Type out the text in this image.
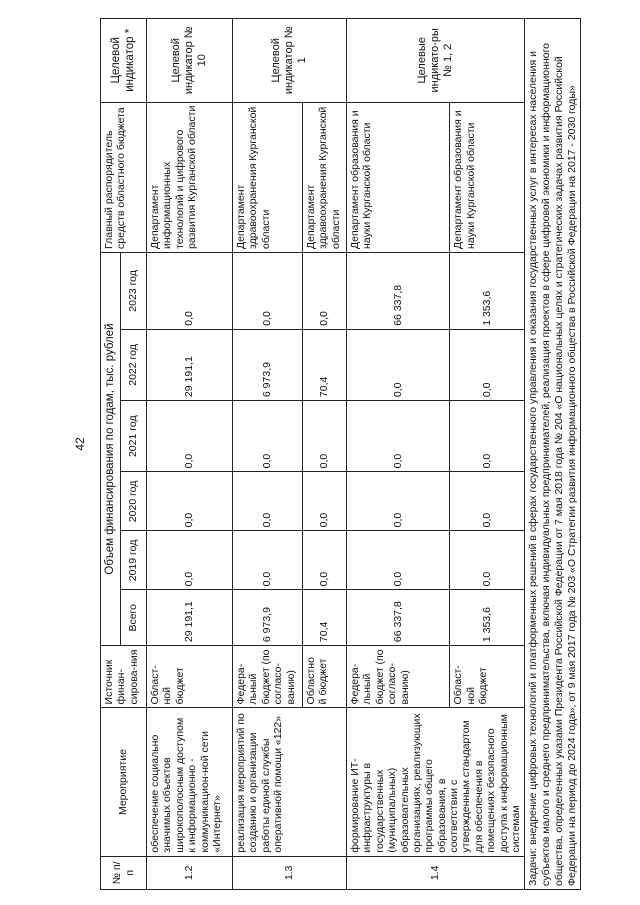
42
№ п/п	Мероприятие	Источник финан-сирова-ния	Объем финансирования по годам, тыс. рублей						Главный распорядитель средств областного бюджета	Целевой индикатор *
			Всего	2019 год	2020 год	2021 год	2022 год	2023 год		
1.2	обеспечение социально значимых объектов широкополосным доступом к информационно - коммуникацион-ной сети «Интернет»	Област-ной бюджет	29 191,1	0,0	0,0	0,0	29 191,1	0,0	Департамент информационных технологий и цифрового развития Курганской области	Целевой индикатор № 10
1.3	реализация мероприятий по созданию и организации работы единой службы оперативной помощи «122»	Федера-льный бюджет (по согласо-ванию)	6 973,9	0,0	0,0	0,0	6 973,9	0,0	Департамент здравоохранения Курганской области	Целевой индикатор № 1
		Областно й бюджет	70,4	0,0	0,0	0,0	70,4	0,0	Департамент здравоохранения Курганской области	
1.4	формирование ИТ-инфраструктуры в государственных (муниципальных) образовательных организациях, реализующих программы общего образования, в соответствии с утвержденным стандартом для обеспечения в помещениях безопасного доступа к информационным системам	Федера-льный бюджет (по согласо-ванию)	66 337,8	0,0	0,0	0,0	0,0	66 337,8	Департамент образования и науки Курганской области	Целевые индикато-ры № 1, 2
		Област-ной бюджет	1 353,6	0,0	0,0	0,0	0,0	1 353,6	Департамент образования и науки Курганской области	
Задачи: внедрение цифровых технологий и платформенных решений в сферах государственного управления и оказания государственных услуг в интересах населения и субъектов малого и среднего предпринимательства, включая индивидуальных предпринимателей, реализация проектов в сфере цифровой экономики и информационного общества, определенных указами Президента Российской Федерации от 7 мая 2018 года № 204 «О национальных целях и стратегических задачах развития Российской Федерации на период до 2024 года», от 9 мая 2017 года № 203 «О Стратегии развития информационного общества в Российской Федерации на 2017 - 2030 годы»										
